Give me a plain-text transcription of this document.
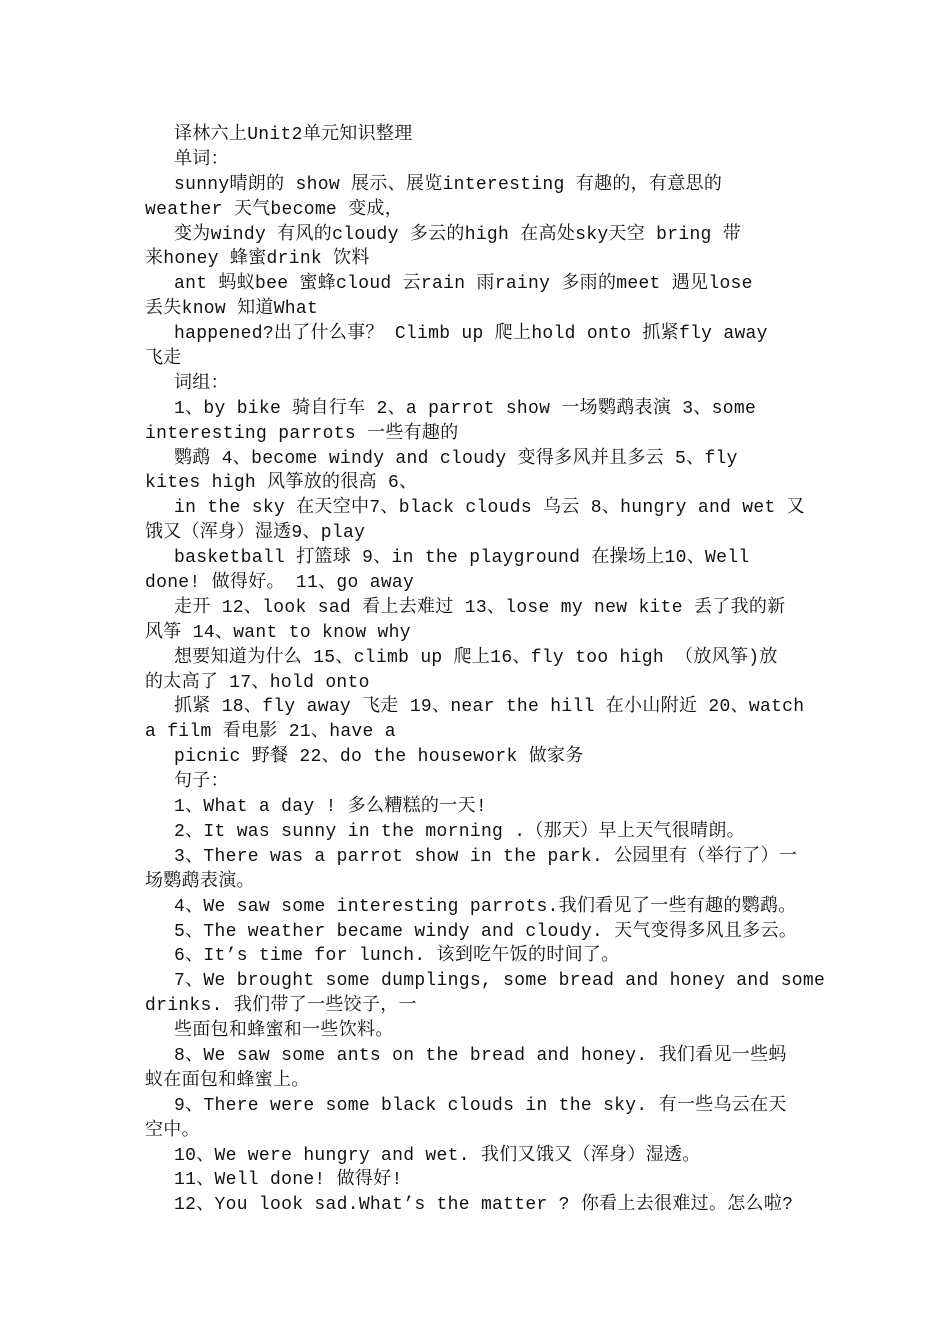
译林六上Unit2单元知识整理
单词：
sunny晴朗的 show 展示、展览interesting 有趣的，有意思的
weather 天气become 变成，
变为windy 有风的cloudy 多云的high 在高处sky天空 bring 带
来honey 蜂蜜drink 饮料
ant 蚂蚁bee 蜜蜂cloud 云rain 雨rainy 多雨的meet 遇见lose
丢失know 知道What
happened?出了什么事？ Climb up 爬上hold onto 抓紧fly away
飞走
词组：
1、by bike 骑自行车 2、a parrot show 一场鹦鹉表演 3、some
interesting parrots 一些有趣的
鹦鹉 4、become windy and cloudy 变得多风并且多云 5、fly
kites high 风筝放的很高 6、
in the sky 在天空中7、black clouds 乌云 8、hungry and wet 又
饿又（浑身）湿透9、play
basketball 打篮球 9、in the playground 在操场上10、Well
done! 做得好。 11、go away
走开 12、look sad 看上去难过 13、lose my new kite 丢了我的新
风筝 14、want to know why
想要知道为什么 15、climb up 爬上16、fly too high （放风筝)放
的太高了 17、hold onto
抓紧 18、fly away 飞走 19、near the hill 在小山附近 20、watch
a film 看电影 21、have a
picnic 野餐 22、do the housework 做家务
句子：
1、What a day ! 多么糟糕的一天!
2、It was sunny in the morning .（那天）早上天气很晴朗。
3、There was a parrot show in the park. 公园里有（举行了）一
场鹦鹉表演。
4、We saw some interesting parrots.我们看见了一些有趣的鹦鹉。
5、The weather became windy and cloudy. 天气变得多风且多云。
6、It’s time for lunch. 该到吃午饭的时间了。
7、We brought some dumplings, some bread and honey and some
drinks. 我们带了一些饺子，一
些面包和蜂蜜和一些饮料。
8、We saw some ants on the bread and honey. 我们看见一些蚂
蚁在面包和蜂蜜上。
9、There were some black clouds in the sky. 有一些乌云在天
空中。
10、We were hungry and wet. 我们又饿又（浑身）湿透。
11、Well done! 做得好!
12、You look sad.What’s the matter ? 你看上去很难过。怎么啦?
